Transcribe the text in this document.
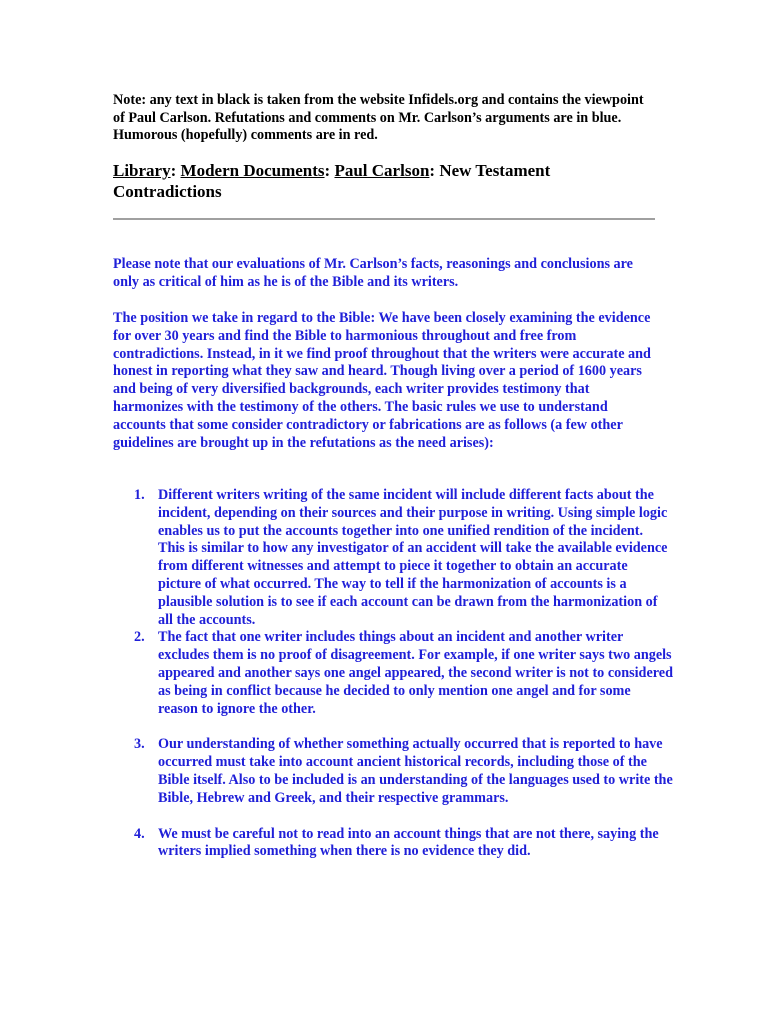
Note: any text in black is taken from the website Infidels.org and contains the viewpoint of Paul Carlson. Refutations and comments on Mr. Carlson’s arguments are in blue. Humorous (hopefully) comments are in red.

Library: Modern Documents: Paul Carlson: New Testament Contradictions

Please note that our evaluations of Mr. Carlson’s facts, reasonings and conclusions are only as critical of him as he is of the Bible and its writers.

The position we take in regard to the Bible: We have been closely examining the evidence for over 30 years and find the Bible to harmonious throughout and free from contradictions. Instead, in it we find proof throughout that the writers were accurate and honest in reporting what they saw and heard. Though living over a period of 1600 years and being of very diversified backgrounds, each writer provides testimony that harmonizes with the testimony of the others. The basic rules we use to understand accounts that some consider contradictory or fabrications are as follows (a few other guidelines are brought up in the refutations as the need arises):

1. Different writers writing of the same incident will include different facts about the incident, depending on their sources and their purpose in writing. Using simple logic enables us to put the accounts together into one unified rendition of the incident. This is similar to how any investigator of an accident will take the available evidence from different witnesses and attempt to piece it together to obtain an accurate picture of what occurred. The way to tell if the harmonization of accounts is a plausible solution is to see if each account can be drawn from the harmonization of all the accounts.
2. The fact that one writer includes things about an incident and another writer excludes them is no proof of disagreement. For example, if one writer says two angels appeared and another says one angel appeared, the second writer is not to considered as being in conflict because he decided to only mention one angel and for some reason to ignore the other.
3. Our understanding of whether something actually occurred that is reported to have occurred must take into account ancient historical records, including those of the Bible itself. Also to be included is an understanding of the languages used to write the Bible, Hebrew and Greek, and their respective grammars.
4. We must be careful not to read into an account things that are not there, saying the writers implied something when there is no evidence they did.
